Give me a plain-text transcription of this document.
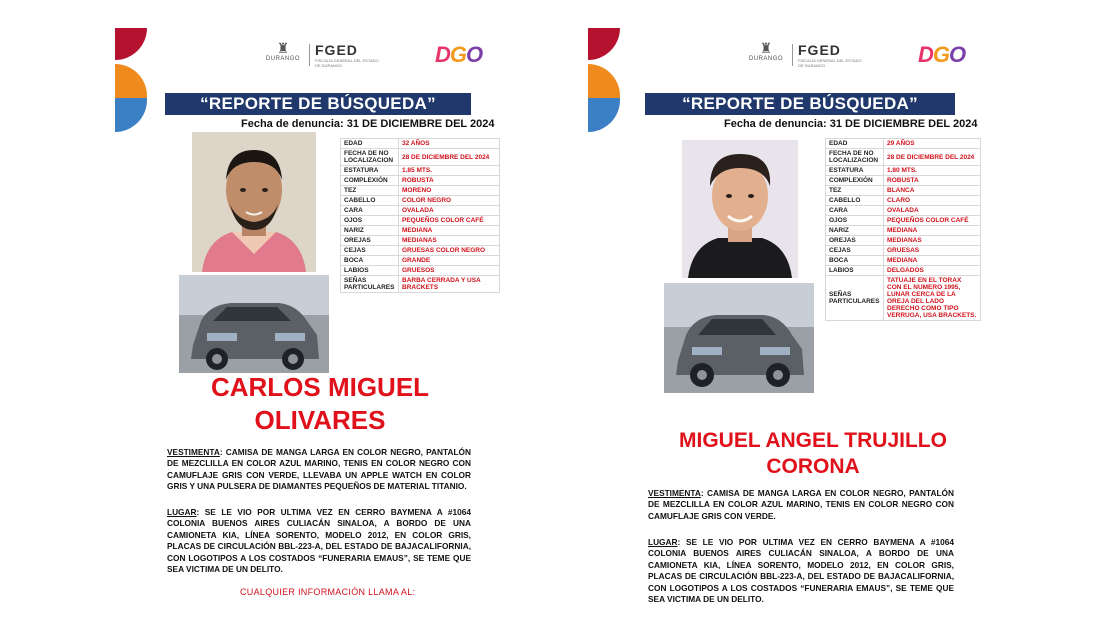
♜
DURANGO
FGED
FISCALÍA GENERAL DEL ESTADO DE DURANGO	DGO
“REPORTE DE BÚSQUEDA”
Fecha de denuncia: 31 DE DICIEMBRE DEL 2024
EDAD	32 AÑOS
FECHA DE NO LOCALIZACION	28 DE DICIEMBRE DEL 2024
ESTATURA	1.85 MTS.
COMPLEXIÓN	ROBUSTA
TEZ	MORENO
CABELLO	COLOR NEGRO
CARA	OVALADA
OJOS	PEQUEÑOS COLOR CAFÉ
NARIZ	MEDIANA
OREJAS	MEDIANAS
CEJAS	GRUESAS COLOR NEGRO
BOCA	GRANDE
LABIOS	GRUESOS
SEÑAS PARTICULARES	BARBA CERRADA Y USA BRACKETS
CARLOS MIGUEL
OLIVARES
VESTIMENTA: CAMISA DE MANGA LARGA EN COLOR NEGRO, PANTALÓN DE MEZCLILLA EN COLOR AZUL MARINO, TENIS EN COLOR NEGRO CON CAMUFLAJE GRIS CON VERDE, LLEVABA UN APPLE WATCH EN COLOR GRIS Y UNA PULSERA DE DIAMANTES PEQUEÑOS DE MATERIAL TITANIO.
LUGAR: SE LE VIO POR ULTIMA VEZ EN CERRO BAYMENA A #1064 COLONIA BUENOS AIRES CULIACÁN SINALOA, A BORDO DE UNA CAMIONETA KIA, LÍNEA SORENTO, MODELO 2012, EN COLOR GRIS, PLACAS DE CIRCULACIÓN BBL-223-A, DEL ESTADO DE BAJACALIFORNIA, CON LOGOTIPOS A LOS COSTADOS “FUNERARIA EMAUS”, SE TEME QUE SEA VICTIMA DE UN DELITO.
CUALQUIER INFORMACIÓN LLAMA AL:
♜
DURANGO
FGED
FISCALÍA GENERAL DEL ESTADO DE DURANGO	DGO
“REPORTE DE BÚSQUEDA”
Fecha de denuncia: 31 DE DICIEMBRE DEL 2024
EDAD	29 AÑOS
FECHA DE NO LOCALIZACION	28 DE DICIEMBRE DEL 2024
ESTATURA	1.80 MTS.
COMPLEXIÓN	ROBUSTA
TEZ	BLANCA
CABELLO	CLARO
CARA	OVALADA
OJOS	PEQUEÑOS COLOR CAFÉ
NARIZ	MEDIANA
OREJAS	MEDIANAS
CEJAS	GRUESAS
BOCA	MEDIANA
LABIOS	DELGADOS
SEÑAS PARTICULARES	TATUAJE EN EL TORAX CON EL NUMERO 1995, LUNAR CERCA DE LA OREJA DEL LADO DERECHO COMO TIPO VERRUGA, USA BRACKETS.
MIGUEL ANGEL TRUJILLO
CORONA
VESTIMENTA: CAMISA DE MANGA LARGA EN COLOR NEGRO, PANTALÓN DE MEZCLILLA EN COLOR AZUL MARINO, TENIS EN COLOR NEGRO CON CAMUFLAJE GRIS CON VERDE.
LUGAR: SE LE VIO POR ULTIMA VEZ EN CERRO BAYMENA A #1064 COLONIA BUENOS AIRES CULIACÁN SINALOA, A BORDO DE UNA CAMIONETA KIA, LÍNEA SORENTO, MODELO 2012, EN COLOR GRIS, PLACAS DE CIRCULACIÓN BBL-223-A, DEL ESTADO DE BAJACALIFORNIA, CON LOGOTIPOS A LOS COSTADOS “FUNERARIA EMAUS”, SE TEME QUE SEA VICTIMA DE UN DELITO.
